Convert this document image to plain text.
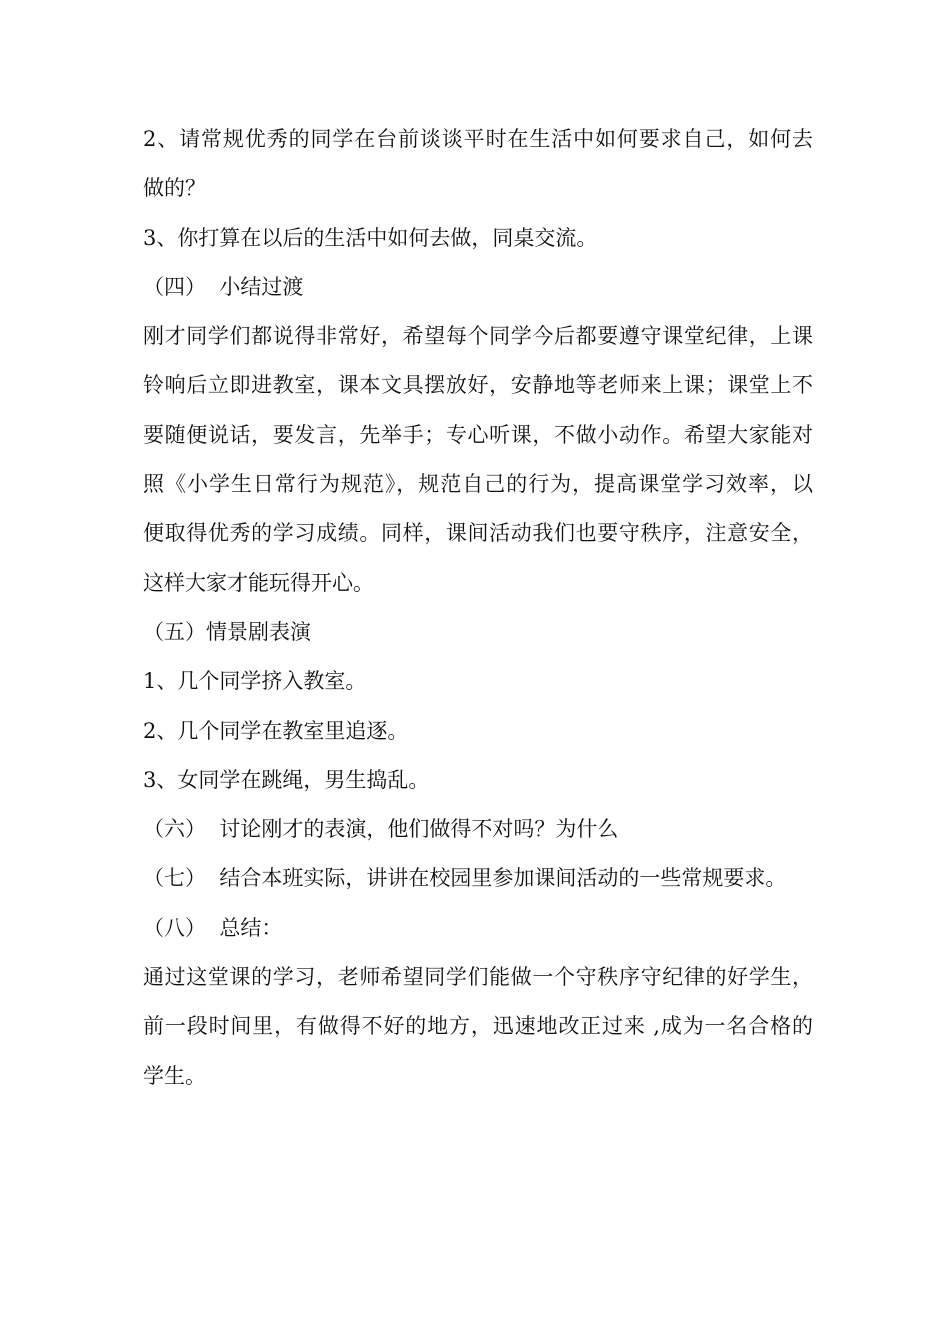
2、请常规优秀的同学在台前谈谈平时在生活中如何要求自己，如何去
做的？
3、你打算在以后的生活中如何去做，同桌交流。
（四）  小结过渡
刚才同学们都说得非常好，希望每个同学今后都要遵守课堂纪律，上课
铃响后立即进教室，课本文具摆放好，安静地等老师来上课；课堂上不
要随便说话，要发言，先举手；专心听课，不做小动作。希望大家能对
照《小学生日常行为规范》，规范自己的行为，提高课堂学习效率，以
便取得优秀的学习成绩。同样，课间活动我们也要守秩序，注意安全，
这样大家才能玩得开心。
（五）情景剧表演
1、几个同学挤入教室。
2、几个同学在教室里追逐。
3、女同学在跳绳，男生捣乱。
（六）  讨论刚才的表演，他们做得不对吗？为什么
（七）  结合本班实际，讲讲在校园里参加课间活动的一些常规要求。
（八）  总结：
通过这堂课的学习，老师希望同学们能做一个守秩序守纪律的好学生，
前一段时间里，有做得不好的地方，迅速地改正过来 ,成为一名合格的
学生。
